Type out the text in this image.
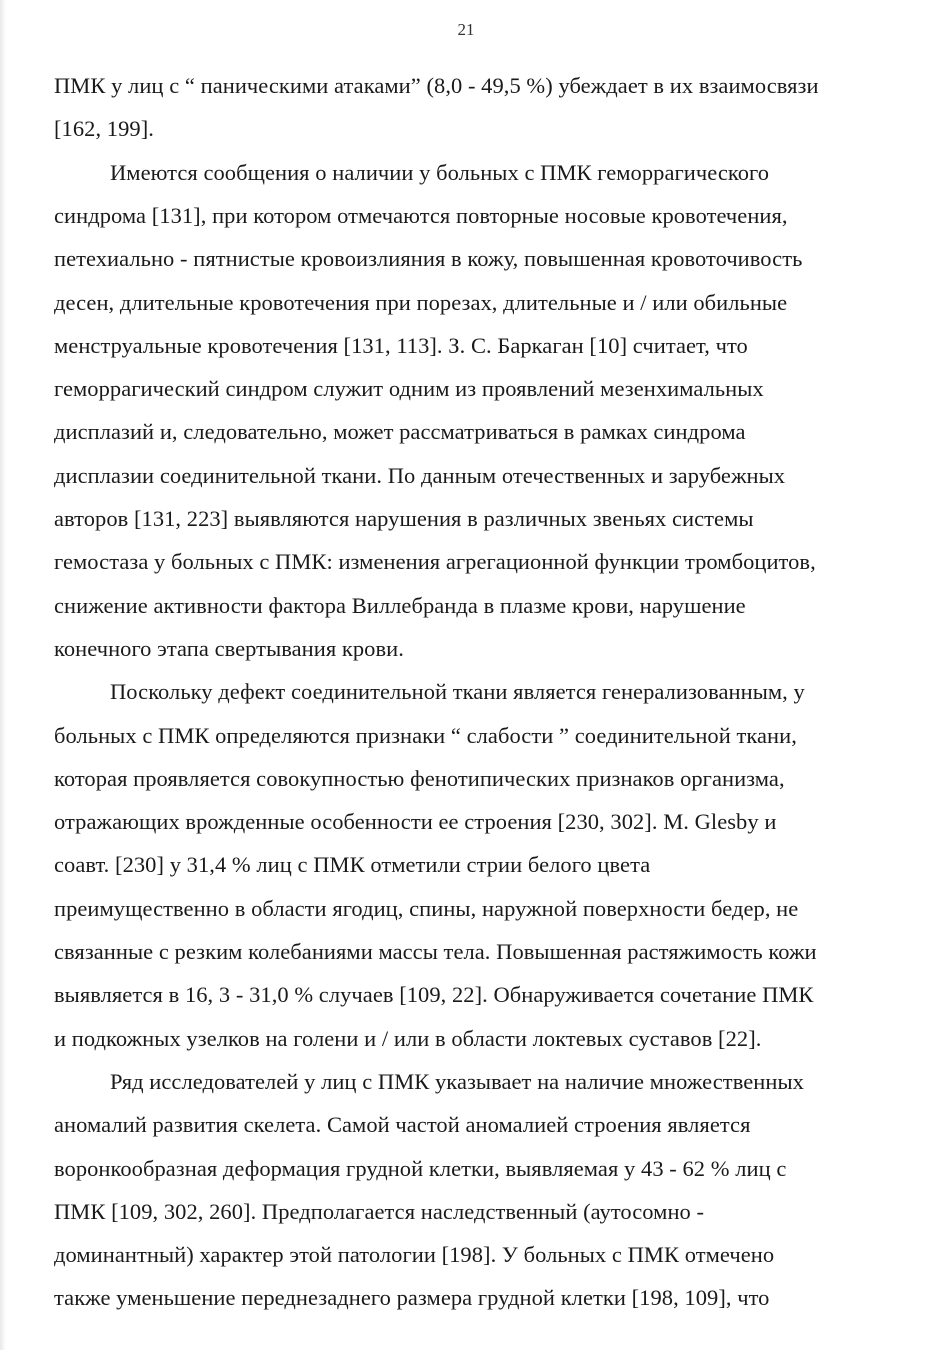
21
ПМК у лиц с “ паническими атаками” (8,0 - 49,5 %) убеждает в их взаимосвязи
[162, 199].
Имеются сообщения о наличии у больных с ПМК геморрагического
синдрома [131], при котором отмечаются повторные носовые кровотечения,
петехиально - пятнистые кровоизлияния в кожу, повышенная кровоточивость
десен, длительные кровотечения при порезах, длительные и / или обильные
менструальные кровотечения [131, 113]. З. С. Баркаган [10] считает, что
геморрагический синдром служит одним из проявлений мезенхимальных
дисплазий и, следовательно, может рассматриваться в рамках синдрома
дисплазии соединительной ткани. По данным отечественных и зарубежных
авторов [131, 223] выявляются нарушения в различных звеньях системы
гемостаза у больных с ПМК: изменения агрегационной функции тромбоцитов,
снижение активности фактора Виллебранда в плазме крови, нарушение
конечного этапа свертывания крови.
Поскольку дефект соединительной ткани является генерализованным, у
больных с ПМК определяются признаки “ слабости ” соединительной ткани,
которая проявляется совокупностью фенотипических признаков организма,
отражающих врожденные особенности ее строения [230, 302]. M. Glesby и
соавт. [230] у 31,4 % лиц с ПМК отметили стрии белого цвета
преимущественно в области ягодиц, спины, наружной поверхности бедер, не
связанные с резким колебаниями массы тела. Повышенная растяжимость кожи
выявляется в 16, 3 - 31,0 % случаев [109, 22]. Обнаруживается сочетание ПМК
и подкожных узелков на голени и / или в области локтевых суставов [22].
Ряд исследователей у лиц с ПМК указывает на наличие множественных
аномалий развития скелета. Самой частой аномалией строения является
воронкообразная деформация грудной клетки, выявляемая у 43 - 62 % лиц с
ПМК [109, 302, 260]. Предполагается наследственный (аутосомно -
доминантный) характер этой патологии [198]. У больных с ПМК отмечено
также уменьшение переднезаднего размера грудной клетки [198, 109], что
